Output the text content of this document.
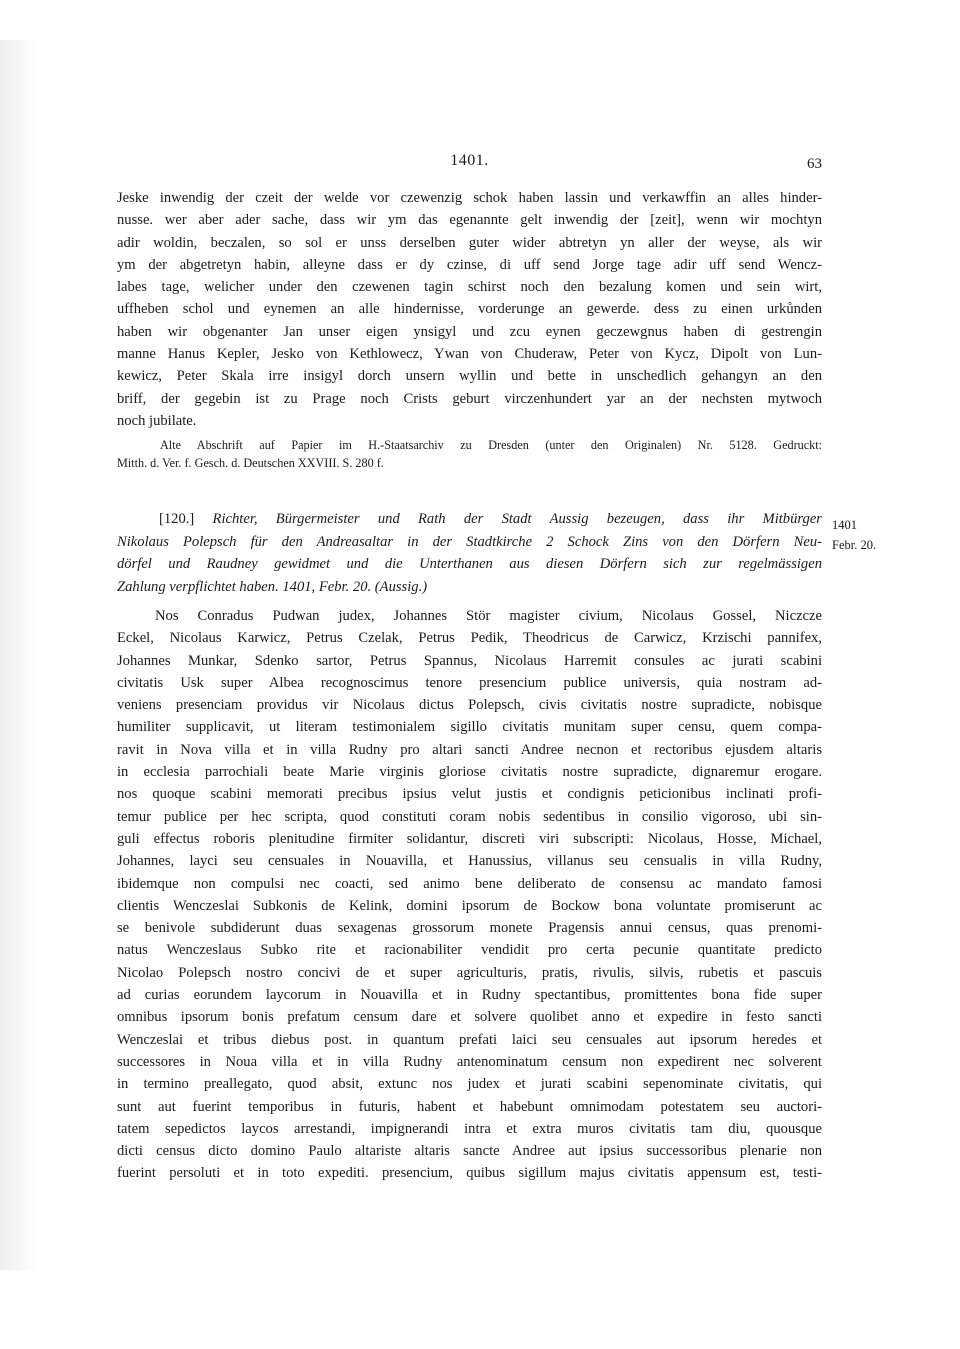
1401.	63
Jeske inwendig der czeit der welde vor czewenzig schok haben lassin und verkawffin an alles hinder-
nusse. wer aber ader sache, dass wir ym das egenannte gelt inwendig der [zeit], wenn wir mochtyn
adir woldin, beczalen, so sol er unss derselben guter wider abtretyn yn aller der weyse, als wir
ym der abgetretyn habin, alleyne dass er dy czinse, di uff send Jorge tage adir uff send Wencz-
labes tage, welicher under den czewenen tagin schirst noch den bezalung komen und sein wirt,
uffheben schol und eynemen an alle hindernisse, vorderunge an gewerde. dess zu einen urkůnden
haben wir obgenanter Jan unser eigen ynsigyl und zcu eynen geczewgnus haben di gestrengin
manne Hanus Kepler, Jesko von Kethlowecz, Ywan von Chuderaw, Peter von Kycz, Dipolt von Lun-
kewicz, Peter Skala irre insigyl dorch unsern wyllin und bette in unschedlich gehangyn an den
briff, der gegebin ist zu Prage noch Crists geburt virczenhundert yar an der nechsten mytwoch
noch jubilate.
Alte Abschrift auf Papier im H.-Staatsarchiv zu Dresden (unter den Originalen) Nr. 5128. Gedruckt:
Mitth. d. Ver. f. Gesch. d. Deutschen XXVIII. S. 280 f.
[120.] Richter, Bürgermeister und Rath der Stadt Aussig bezeugen, dass ihr Mitbürger
Nikolaus Polepsch für den Andreasaltar in der Stadtkirche 2 Schock Zins von den Dörfern Neu-
dörfel und Raudney gewidmet und die Unterthanen aus diesen Dörfern sich zur regelmässigen
Zahlung verpflichtet haben. 1401, Febr. 20. (Aussig.)
1401
Febr. 20.
Nos Conradus Pudwan judex, Johannes Stör magister civium, Nicolaus Gossel, Niczcze
Eckel, Nicolaus Karwicz, Petrus Czelak, Petrus Pedik, Theodricus de Carwicz, Krzischi pannifex,
Johannes Munkar, Sdenko sartor, Petrus Spannus, Nicolaus Harremit consules ac jurati scabini
civitatis Usk super Albea recognoscimus tenore presencium publice universis, quia nostram ad-
veniens presenciam providus vir Nicolaus dictus Polepsch, civis civitatis nostre supradicte, nobisque
humiliter supplicavit, ut literam testimonialem sigillo civitatis munitam super censu, quem compa-
ravit in Nova villa et in villa Rudny pro altari sancti Andree necnon et rectoribus ejusdem altaris
in ecclesia parrochiali beate Marie virginis gloriose civitatis nostre supradicte, dignaremur erogare.
nos quoque scabini memorati precibus ipsius velut justis et condignis peticionibus inclinati profi-
temur publice per hec scripta, quod constituti coram nobis sedentibus in consilio vigoroso, ubi sin-
guli effectus roboris plenitudine firmiter solidantur, discreti viri subscripti: Nicolaus, Hosse, Michael,
Johannes, layci seu censuales in Nouavilla, et Hanussius, villanus seu censualis in villa Rudny,
ibidemque non compulsi nec coacti, sed animo bene deliberato de consensu ac mandato famosi
clientis Wenczeslai Subkonis de Kelink, domini ipsorum de Bockow bona voluntate promiserunt ac
se benivole subdiderunt duas sexagenas grossorum monete Pragensis annui census, quas prenomi-
natus Wenczeslaus Subko rite et racionabiliter vendidit pro certa pecunie quantitate predicto
Nicolao Polepsch nostro concivi de et super agriculturis, pratis, rivulis, silvis, rubetis et pascuis
ad curias eorundem laycorum in Nouavilla et in Rudny spectantibus, promittentes bona fide super
omnibus ipsorum bonis prefatum censum dare et solvere quolibet anno et expedire in festo sancti
Wenczeslai et tribus diebus post. in quantum prefati laici seu censuales aut ipsorum heredes et
successores in Noua villa et in villa Rudny antenominatum censum non expedirent nec solverent
in termino preallegato, quod absit, extunc nos judex et jurati scabini sepenominate civitatis, qui
sunt aut fuerint temporibus in futuris, habent et habebunt omnimodam potestatem seu auctori-
tatem sepedictos laycos arrestandi, impignerandi intra et extra muros civitatis tam diu, quousque
dicti census dicto domino Paulo altariste altaris sancte Andree aut ipsius successoribus plenarie non
fuerint persoluti et in toto expediti. presencium, quibus sigillum majus civitatis appensum est, testi-
